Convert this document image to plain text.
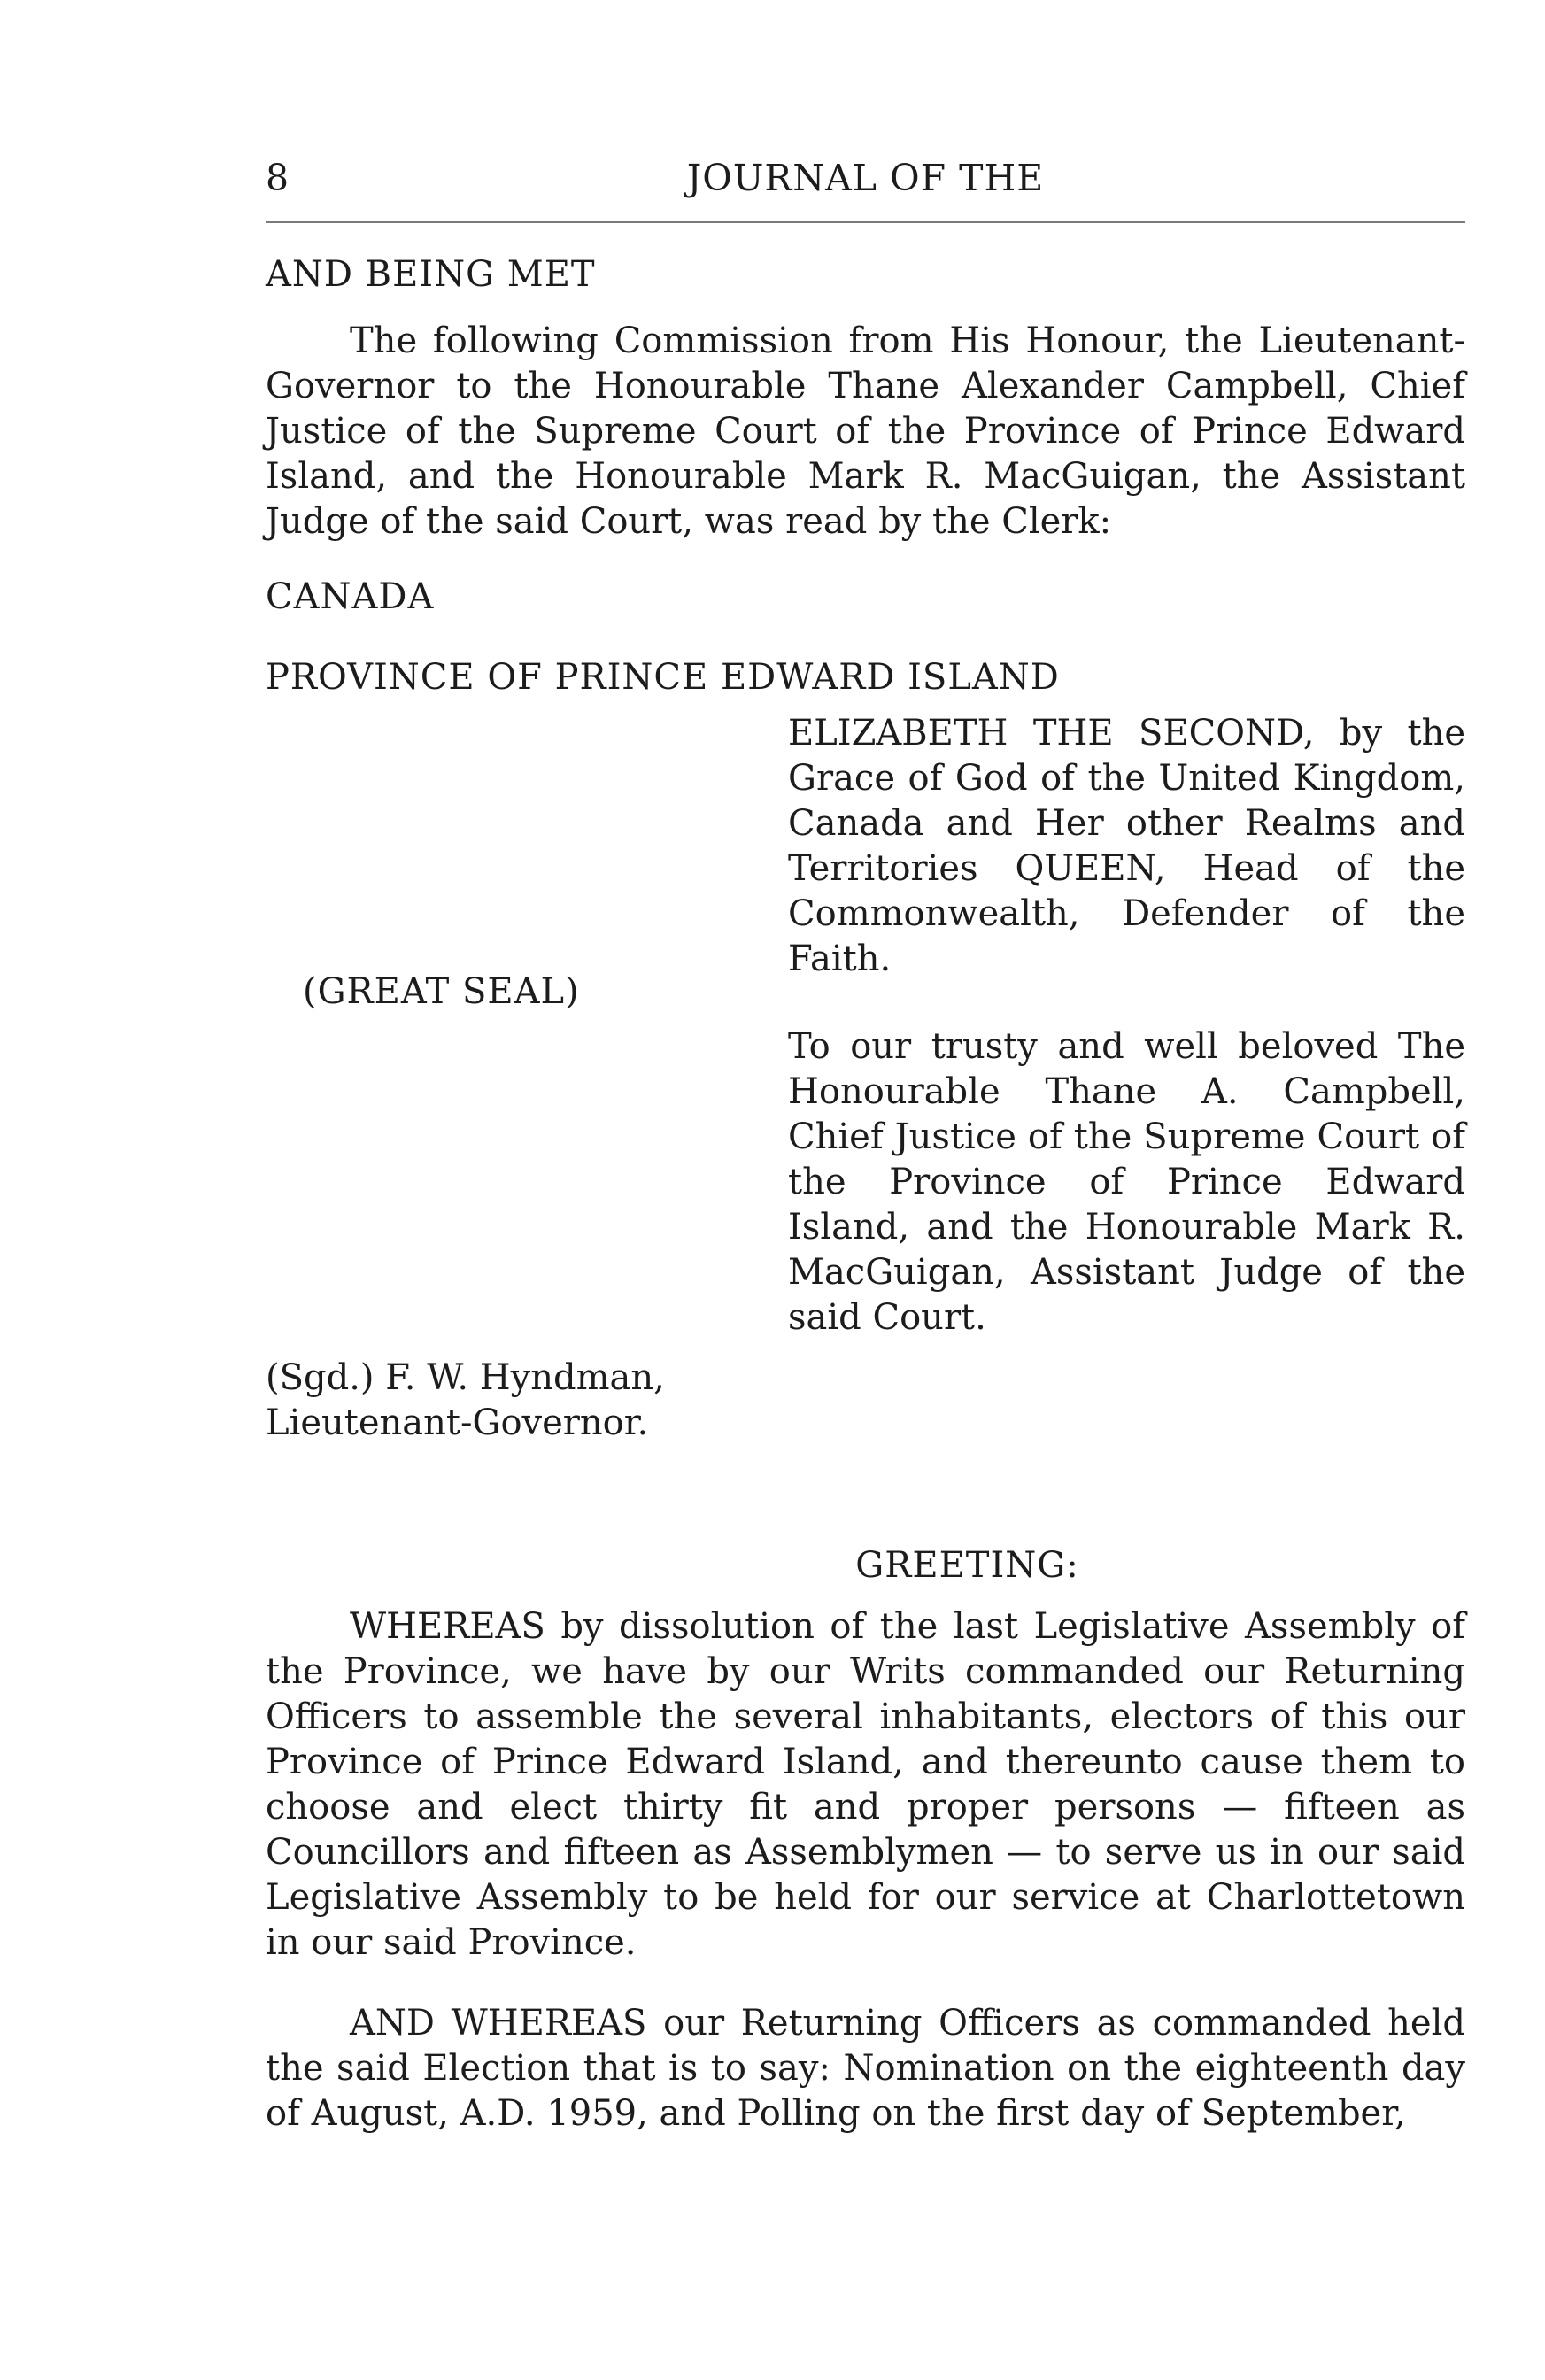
8	JOURNAL OF THE

AND BEING MET

The following Commission from His Honour, the Lieutenant-Governor to the Honourable Thane Alexander Campbell, Chief Justice of the Supreme Court of the Province of Prince Edward Island, and the Honourable Mark R. MacGuigan, the Assistant Judge of the said Court, was read by the Clerk:

CANADA

PROVINCE OF PRINCE EDWARD ISLAND

(GREAT SEAL)

(Sgd.) F. W. Hyndman,

Lieutenant-Governor.

ELIZABETH THE SECOND, by the Grace of God of the United Kingdom, Canada and Her other Realms and Territories QUEEN, Head of the Commonwealth, Defender of the Faith.

To our trusty and well beloved The Honourable Thane A. Campbell, Chief Justice of the Supreme Court of the Province of Prince Edward Island, and the Honourable Mark R. MacGuigan, Assistant Judge of the said Court.

GREETING:

WHEREAS by dissolution of the last Legislative Assembly of the Province, we have by our Writs commanded our Returning Officers to assemble the several inhabitants, electors of this our Province of Prince Edward Island, and thereunto cause them to choose and elect thirty fit and proper persons — fifteen as Councillors and fifteen as Assemblymen — to serve us in our said Legislative Assembly to be held for our service at Charlottetown in our said Province.

AND WHEREAS our Returning Officers as commanded held the said Election that is to say: Nomination on the eighteenth day of August, A.D. 1959, and Polling on the first day of September,
